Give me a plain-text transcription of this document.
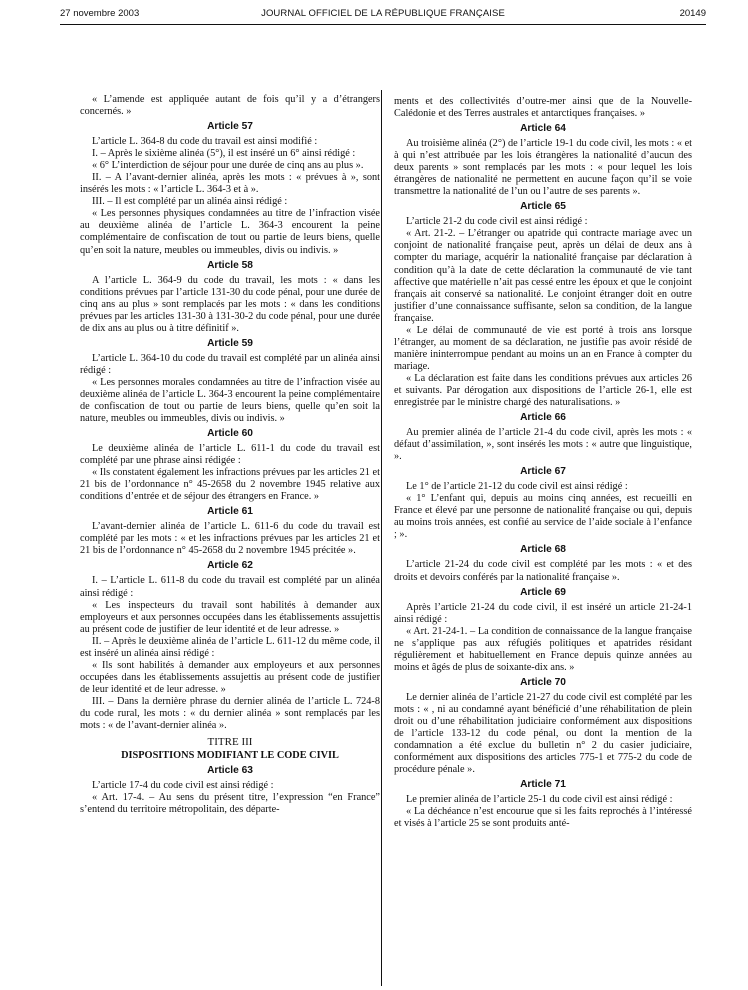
27 novembre 2003	JOURNAL OFFICIEL DE LA RÉPUBLIQUE FRANÇAISE	20149

« L’amende est appliquée autant de fois qu’il y a d’étrangers concernés. »

Article 57

L’article L. 364-8 du code du travail est ainsi modifié :

I. – Après le sixième alinéa (5°), il est inséré un 6° ainsi rédigé :

« 6° L’interdiction de séjour pour une durée de cinq ans au plus ».

II. – A l’avant-dernier alinéa, après les mots : « prévues à », sont insérés les mots : « l’article L. 364-3 et à ».

III. – Il est complété par un alinéa ainsi rédigé :

« Les personnes physiques condamnées au titre de l’infraction visée au deuxième alinéa de l’article L. 364-3 encourent la peine complémentaire de confiscation de tout ou partie de leurs biens, quelle qu’en soit la nature, meubles ou immeubles, divis ou indivis. »

Article 58

A l’article L. 364-9 du code du travail, les mots : « dans les conditions prévues par l’article 131-30 du code pénal, pour une durée de cinq ans au plus » sont remplacés par les mots : « dans les conditions prévues par les articles 131-30 à 131-30-2 du code pénal, pour une durée de dix ans au plus ou à titre définitif ».

Article 59

L’article L. 364-10 du code du travail est complété par un alinéa ainsi rédigé :

« Les personnes morales condamnées au titre de l’infraction visée au deuxième alinéa de l’article L. 364-3 encourent la peine complémentaire de confiscation de tout ou partie de leurs biens, quelle qu’en soit la nature, meubles ou immeubles, divis ou indivis. »

Article 60

Le deuxième alinéa de l’article L. 611-1 du code du travail est complété par une phrase ainsi rédigée :

« Ils constatent également les infractions prévues par les articles 21 et 21 bis de l’ordonnance n° 45-2658 du 2 novembre 1945 relative aux conditions d’entrée et de séjour des étrangers en France. »

Article 61

L’avant-dernier alinéa de l’article L. 611-6 du code du travail est complété par les mots : « et les infractions prévues par les articles 21 et 21 bis de l’ordonnance n° 45-2658 du 2 novembre 1945 précitée ».

Article 62

I. – L’article L. 611-8 du code du travail est complété par un alinéa ainsi rédigé :

« Les inspecteurs du travail sont habilités à demander aux employeurs et aux personnes occupées dans les établissements assujettis au présent code de justifier de leur identité et de leur adresse. »

II. – Après le deuxième alinéa de l’article L. 611-12 du même code, il est inséré un alinéa ainsi rédigé :

« Ils sont habilités à demander aux employeurs et aux personnes occupées dans les établissements assujettis au présent code de justifier de leur identité et de leur adresse. »

III. – Dans la dernière phrase du dernier alinéa de l’article L. 724-8 du code rural, les mots : « du dernier alinéa » sont remplacés par les mots : « de l’avant-dernier alinéa ».

TITRE III
DISPOSITIONS MODIFIANT LE CODE CIVIL
Article 63

L’article 17-4 du code civil est ainsi rédigé :

« Art. 17-4. – Au sens du présent titre, l’expression “en France” s’entend du territoire métropolitain, des départe-

ments et des collectivités d’outre-mer ainsi que de la Nouvelle-Calédonie et des Terres australes et antarctiques françaises. »

Article 64

Au troisième alinéa (2°) de l’article 19-1 du code civil, les mots : « et à qui n’est attribuée par les lois étrangères la nationalité d’aucun des deux parents » sont remplacés par les mots : « pour lequel les lois étrangères de nationalité ne permettent en aucune façon qu’il se voie transmettre la nationalité de l’un ou l’autre de ses parents ».

Article 65

L’article 21-2 du code civil est ainsi rédigé :

« Art. 21-2. – L’étranger ou apatride qui contracte mariage avec un conjoint de nationalité française peut, après un délai de deux ans à compter du mariage, acquérir la nationalité française par déclaration à condition qu’à la date de cette déclaration la communauté de vie tant affective que matérielle n’ait pas cessé entre les époux et que le conjoint français ait conservé sa nationalité. Le conjoint étranger doit en outre justifier d’une connaissance suffisante, selon sa condition, de la langue française.

« Le délai de communauté de vie est porté à trois ans lorsque l’étranger, au moment de sa déclaration, ne justifie pas avoir résidé de manière ininterrompue pendant au moins un an en France à compter du mariage.

« La déclaration est faite dans les conditions prévues aux articles 26 et suivants. Par dérogation aux dispositions de l’article 26-1, elle est enregistrée par le ministre chargé des naturalisations. »

Article 66

Au premier alinéa de l’article 21-4 du code civil, après les mots : « défaut d’assimilation, », sont insérés les mots : « autre que linguistique, ».

Article 67

Le 1° de l’article 21-12 du code civil est ainsi rédigé :

« 1° L’enfant qui, depuis au moins cinq années, est recueilli en France et élevé par une personne de nationalité française ou qui, depuis au moins trois années, est confié au service de l’aide sociale à l’enfance ; ».

Article 68

L’article 21-24 du code civil est complété par les mots : « et des droits et devoirs conférés par la nationalité française ».

Article 69

Après l’article 21-24 du code civil, il est inséré un article 21-24-1 ainsi rédigé :

« Art. 21-24-1. – La condition de connaissance de la langue française ne s’applique pas aux réfugiés politiques et apatrides résidant régulièrement et habituellement en France depuis quinze années au moins et âgés de plus de soixante-dix ans. »

Article 70

Le dernier alinéa de l’article 21-27 du code civil est complété par les mots : « , ni au condamné ayant bénéficié d’une réhabilitation de plein droit ou d’une réhabilitation judiciaire conformément aux dispositions de l’article 133-12 du code pénal, ou dont la mention de la condamnation a été exclue du bulletin n° 2 du casier judiciaire, conformément aux dispositions des articles 775-1 et 775-2 du code de procédure pénale ».

Article 71

Le premier alinéa de l’article 25-1 du code civil est ainsi rédigé :

« La déchéance n’est encourue que si les faits reprochés à l’intéressé et visés à l’article 25 se sont produits anté-
